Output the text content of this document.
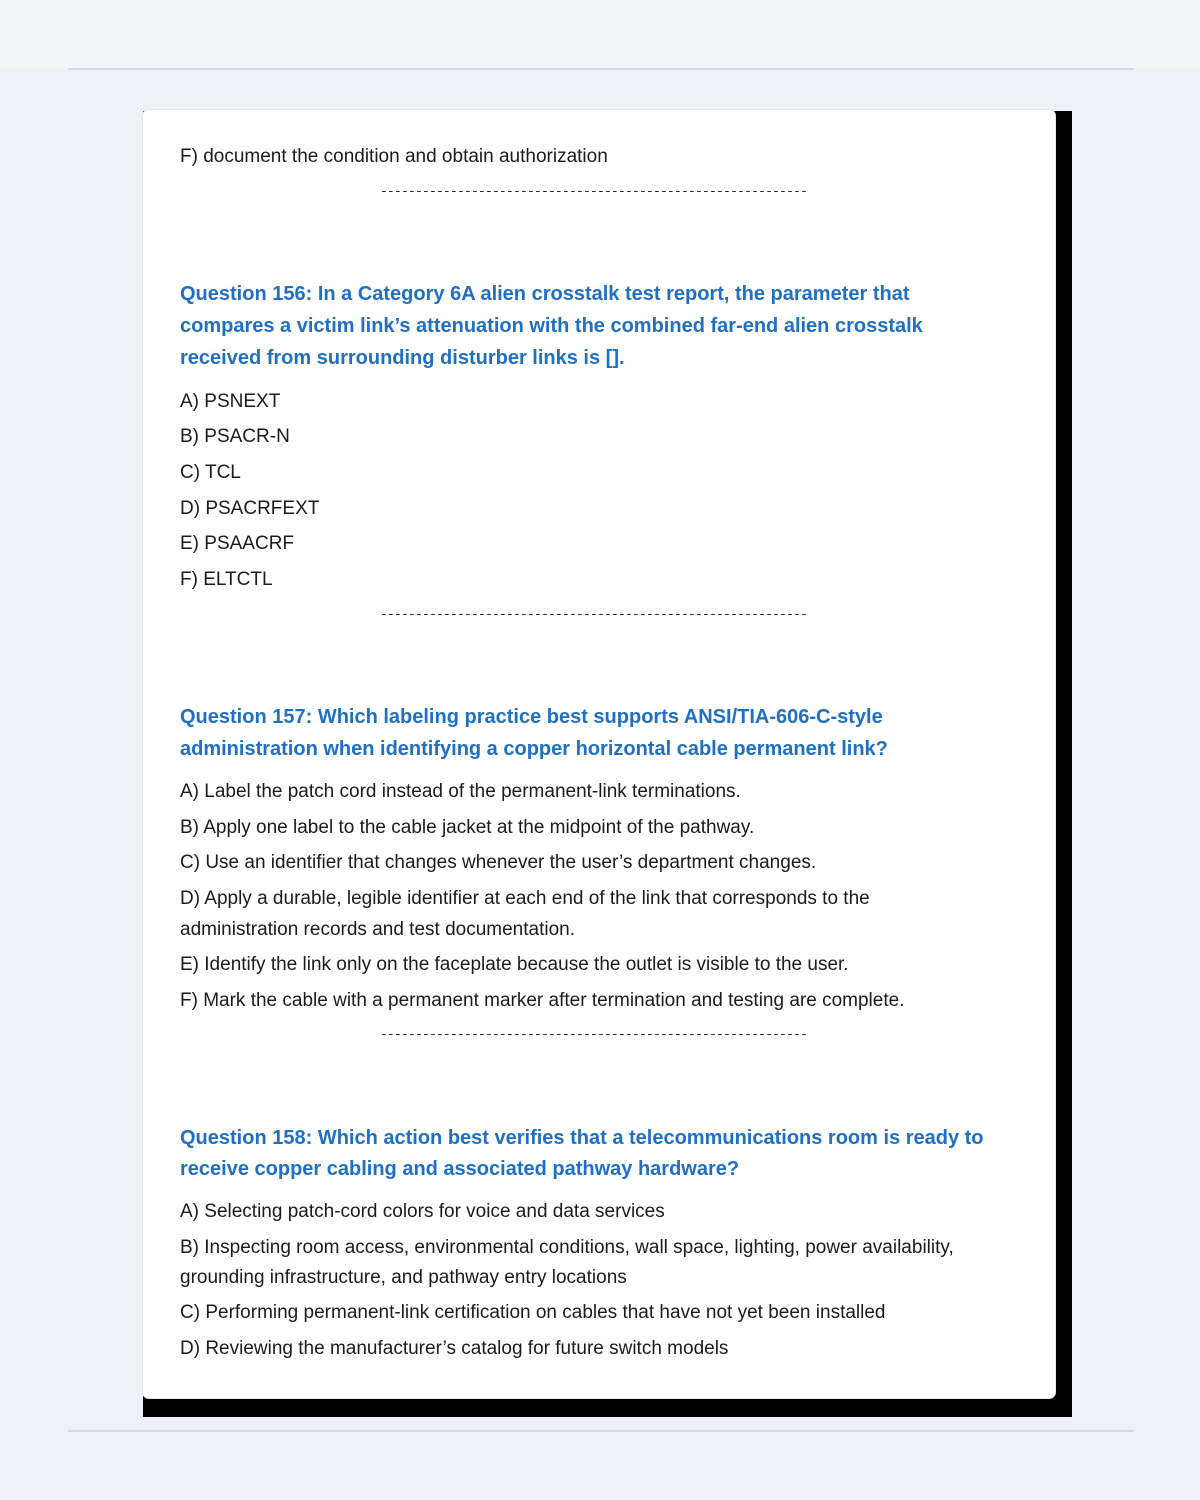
F) document the condition and obtain authorization

-------------------------------------------------------------

Question 156: In a Category 6A alien crosstalk test report, the parameter that

compares a victim link’s attenuation with the combined far-end alien crosstalk

received from surrounding disturber links is [].

A) PSNEXT

B) PSACR-N

C) TCL

D) PSACRFEXT

E) PSAACRF

F) ELTCTL

-------------------------------------------------------------

Question 157: Which labeling practice best supports ANSI/TIA-606-C-style

administration when identifying a copper horizontal cable permanent link?

A) Label the patch cord instead of the permanent-link terminations.

B) Apply one label to the cable jacket at the midpoint of the pathway.

C) Use an identifier that changes whenever the user’s department changes.

D) Apply a durable, legible identifier at each end of the link that corresponds to the

administration records and test documentation.

E) Identify the link only on the faceplate because the outlet is visible to the user.

F) Mark the cable with a permanent marker after termination and testing are complete.

-------------------------------------------------------------

Question 158: Which action best verifies that a telecommunications room is ready to

receive copper cabling and associated pathway hardware?

A) Selecting patch-cord colors for voice and data services

B) Inspecting room access, environmental conditions, wall space, lighting, power availability,

grounding infrastructure, and pathway entry locations

C) Performing permanent-link certification on cables that have not yet been installed

D) Reviewing the manufacturer’s catalog for future switch models
